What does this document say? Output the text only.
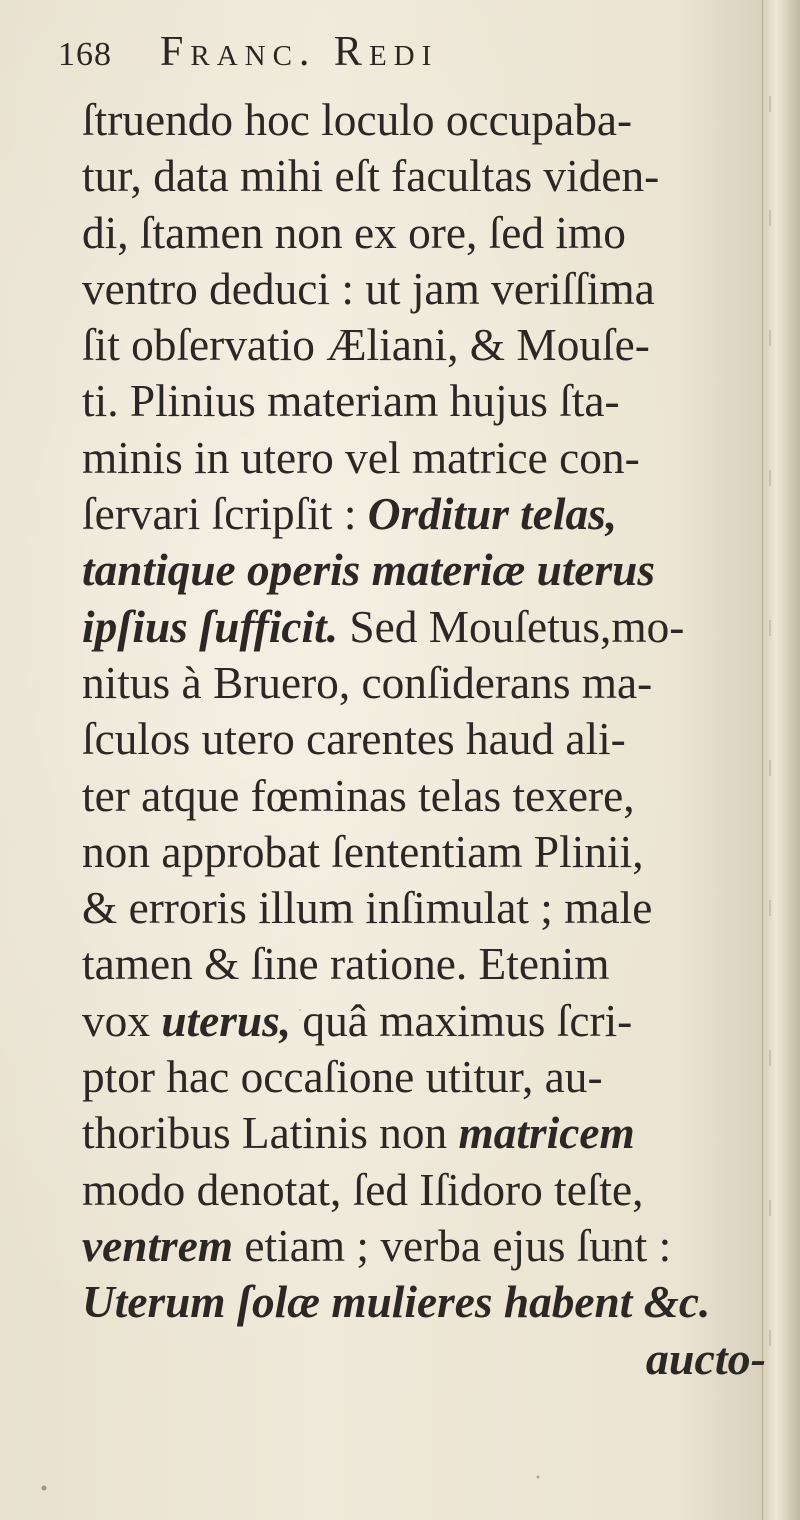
168 Franc. Redi
ſtruendo hoc loculo occupaba-
tur, data mihi eſt facultas viden-
di, ſtamen non ex ore, ſed imo
ventro deduci : ut jam veriſſima
ſit obſervatio Æliani, & Mouſe-
ti. Plinius materiam hujus ſta-
minis in utero vel matrice con-
ſervari ſcripſit : Orditur telas,
tantique operis materiæ uterus
ipſius ſufficit. Sed Mouſetus,mo-
nitus à Bruero, conſiderans ma-
ſculos utero carentes haud ali-
ter atque fœminas telas texere,
non approbat ſententiam Plinii,
& erroris illum inſimulat ; male
tamen & ſine ratione. Etenim
vox uterus, quâ maximus ſcri-
ptor hac occaſione utitur, au-
thoribus Latinis non matricem
modo denotat, ſed Iſidoro teſte,
ventrem etiam ; verba ejus ſunt :
Uterum ſolæ mulieres habent &c.
aucto-
